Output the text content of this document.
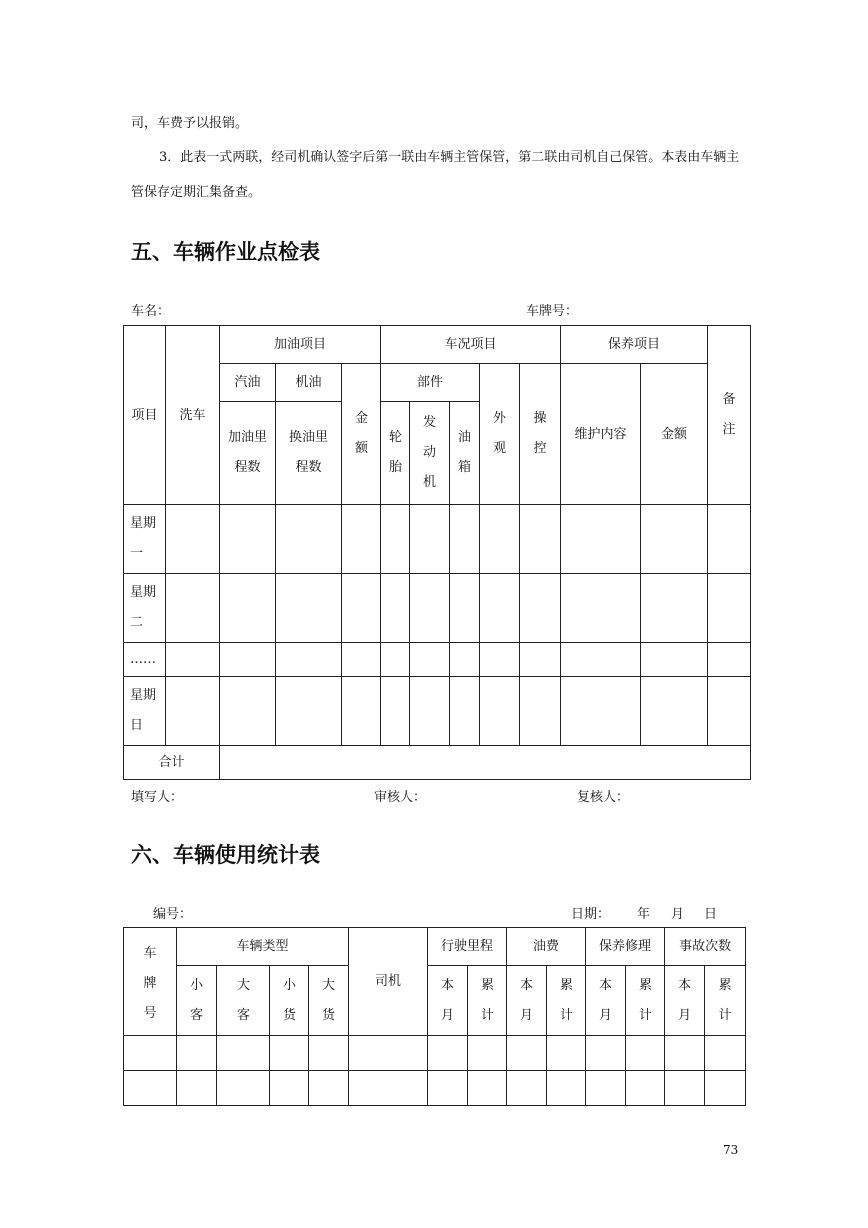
司，车费予以报销。
3．此表一式两联，经司机确认签字后第一联由车辆主管保管，第二联由司机自己保管。本表由车辆主
管保存定期汇集备查。
五、车辆作业点检表
车名：	车牌号：
项目	洗车	加油项目			车况项目					保养项目		备注
		汽油	机油	金额	部件			外观	操控	维护内容	金额	
		加油里程数	换油里程数		轮胎	发动机	油箱					
星期一												
星期二												
……												
星期日												
合计												
填写人：	审核人：	复核人：
六、车辆使用统计表
编号：	日期： 年 月 日
车牌号	车辆类型				司机	行驶里程		油费		保养修理		事故次数	
	小客	大客	小货	大货		本月	累计	本月	累计	本月	累计	本月	累计

73
